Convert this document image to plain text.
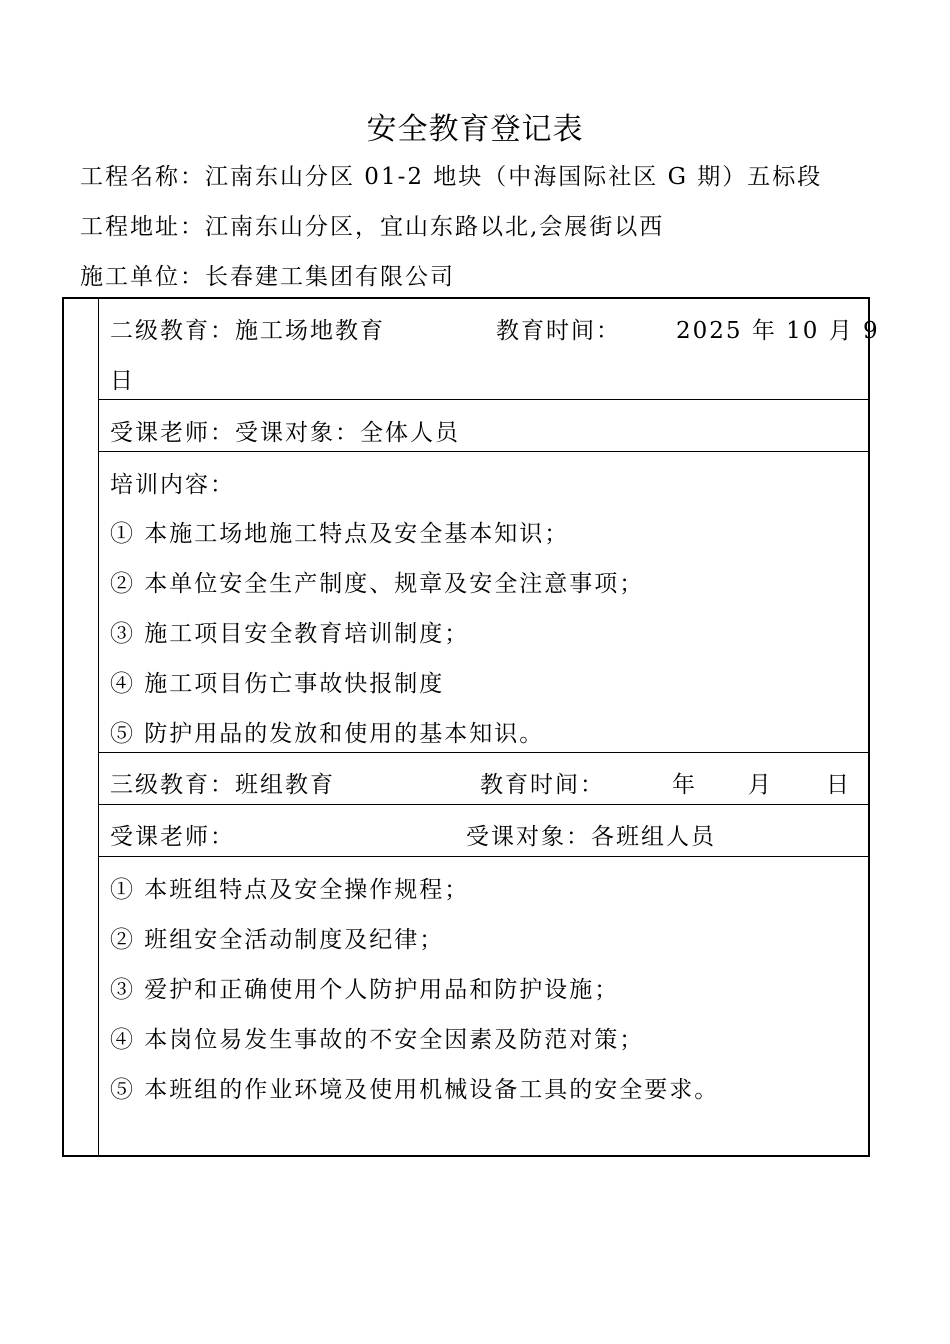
安全教育登记表
工程名称：江南东山分区 01-2 地块（中海国际社区 G 期）五标段
工程地址：江南东山分区，宜山东路以北,会展街以西
施工单位：长春建工集团有限公司
二级教育：施工场地教育	教育时间： 2025 年 10 月 9
日
受课老师：受课对象：全体人员
培训内容：
① 本施工场地施工特点及安全基本知识；
② 本单位安全生产制度、规章及安全注意事项；
③ 施工项目安全教育培训制度；
④ 施工项目伤亡事故快报制度
⑤ 防护用品的发放和使用的基本知识。
三级教育：班组教育	教育时间：	年 月 日
受课老师：	受课对象：各班组人员
① 本班组特点及安全操作规程；
② 班组安全活动制度及纪律；
③ 爱护和正确使用个人防护用品和防护设施；
④ 本岗位易发生事故的不安全因素及防范对策；
⑤ 本班组的作业环境及使用机械设备工具的安全要求。
